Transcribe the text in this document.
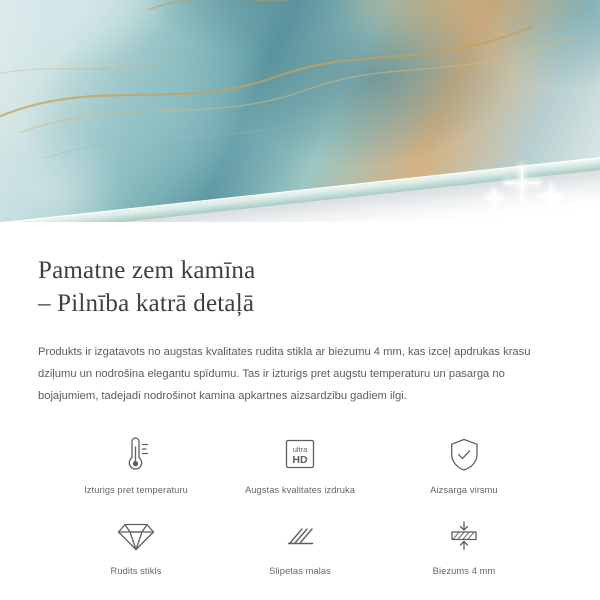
Pamatne zem kamīna
– Pilnība katrā detaļā

Produkts ir izgatavots no augstas kvalitates rudita stikla ar biezumu 4 mm, kas izceļ apdrukas krasu dziļumu un nodrošina elegantu spīdumu. Tas ir izturigs pret augstu temperaturu un pasarga no bojajumiem, tadejadi nodrošinot kamina apkartnes aizsardzibu gadiem ilgi.

Izturigs pret temperaturu
ultra
HD
Augstas kvalitates izdruka	Aizsarga virsmu
Rudits stikls	Slipetas malas	Biezums 4 mm
